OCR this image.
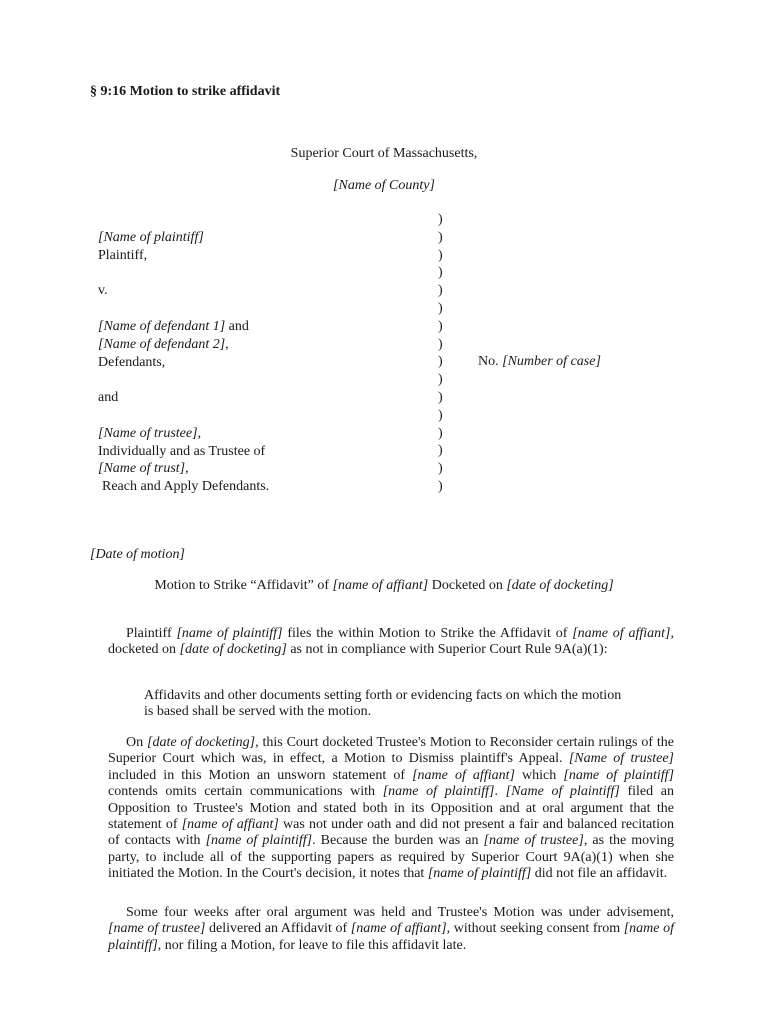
§ 9:16 Motion to strike affidavit
Superior Court of Massachusetts,
[Name of County]
[Name of plaintiff]
Plaintiff,
v.
[Name of defendant 1] and
[Name of defendant 2],
Defendants,
and
[Name of trustee],
Individually and as Trustee of
[Name of trust],
Reach and Apply Defendants.
)
)
)
)
)
)
)
)
)
)
)
)
)
)
)
)
No. [Number of case]
[Date of motion]
Motion to Strike “Affidavit” of [name of affiant] Docketed on [date of docketing]
Plaintiff [name of plaintiff] files the within Motion to Strike the Affidavit of [name of affiant], docketed on [date of docketing] as not in compliance with Superior Court Rule 9A(a)(1):
Affidavits and other documents setting forth or evidencing facts on which the motion is based shall be served with the motion.
On [date of docketing], this Court docketed Trustee's Motion to Reconsider certain rulings of the Superior Court which was, in effect, a Motion to Dismiss plaintiff's Appeal. [Name of trustee] included in this Motion an unsworn statement of [name of affiant] which [name of plaintiff] contends omits certain communications with [name of plaintiff]. [Name of plaintiff] filed an Opposition to Trustee's Motion and stated both in its Opposition and at oral argument that the statement of [name of affiant] was not under oath and did not present a fair and balanced recitation of contacts with [name of plaintiff]. Because the burden was an [name of trustee], as the moving party, to include all of the supporting papers as required by Superior Court 9A(a)(1) when she initiated the Motion. In the Court's decision, it notes that [name of plaintiff] did not file an affidavit.
Some four weeks after oral argument was held and Trustee's Motion was under advisement, [name of trustee] delivered an Affidavit of [name of affiant], without seeking consent from [name of plaintiff], nor filing a Motion, for leave to file this affidavit late.
